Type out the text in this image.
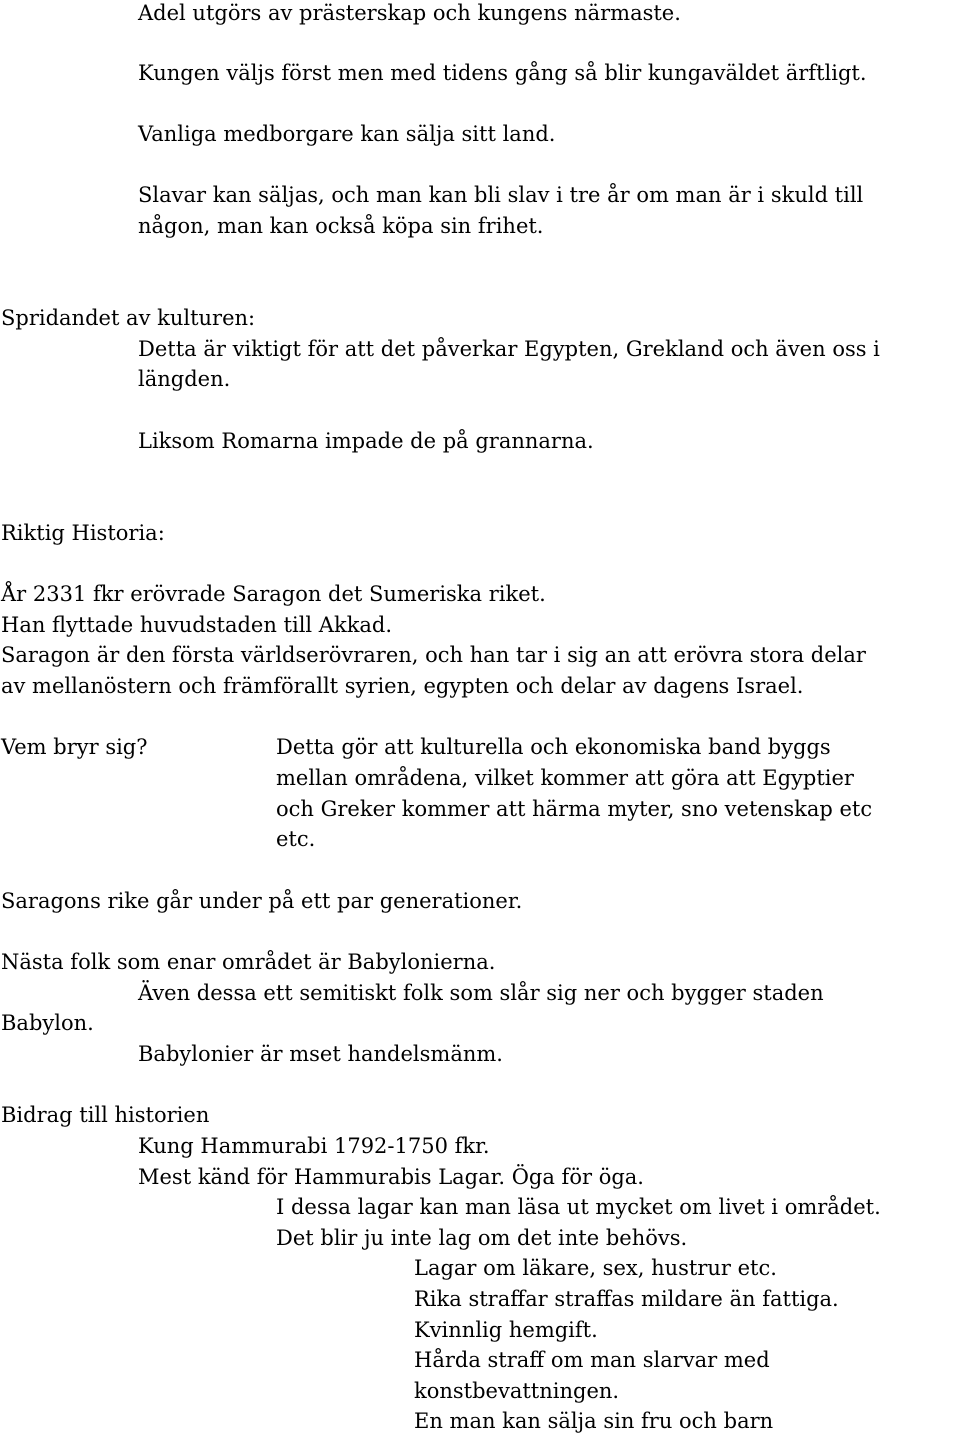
Adel utgörs av prästerskap och kungens närmaste.
Kungen väljs först men med tidens gång så blir kungaväldet ärftligt.
Vanliga medborgare kan sälja sitt land.
Slavar kan säljas, och man kan bli slav i tre år om man är i skuld till
någon, man kan också köpa sin frihet.
Spridandet av kulturen:
Detta är viktigt för att det påverkar Egypten, Grekland och även oss i
längden.
Liksom Romarna impade de på grannarna.
Riktig Historia:
År 2331 fkr erövrade Saragon det Sumeriska riket.
Han flyttade huvudstaden till Akkad.
Saragon är den första världserövraren, och han tar i sig an att erövra stora delar
av mellanöstern och främförallt syrien, egypten och delar av dagens Israel.
Vem bryr sig?	Detta gör att kulturella och ekonomiska band byggs
mellan områdena, vilket kommer att göra att Egyptier
och Greker kommer att härma myter, sno vetenskap etc
etc.
Saragons rike går under på ett par generationer.
Nästa folk som enar området är Babylonierna.
Även dessa ett semitiskt folk som slår sig ner och bygger staden
Babylon.
Babylonier är mset handelsmänm.
Bidrag till historien
Kung Hammurabi 1792-1750 fkr.
Mest känd för Hammurabis Lagar. Öga för öga.
I dessa lagar kan man läsa ut mycket om livet i området.
Det blir ju inte lag om det inte behövs.
Lagar om läkare, sex, hustrur etc.
Rika straffar straffas mildare än fattiga.
Kvinnlig hemgift.
Hårda straff om man slarvar med
konstbevattningen.
En man kan sälja sin fru och barn
